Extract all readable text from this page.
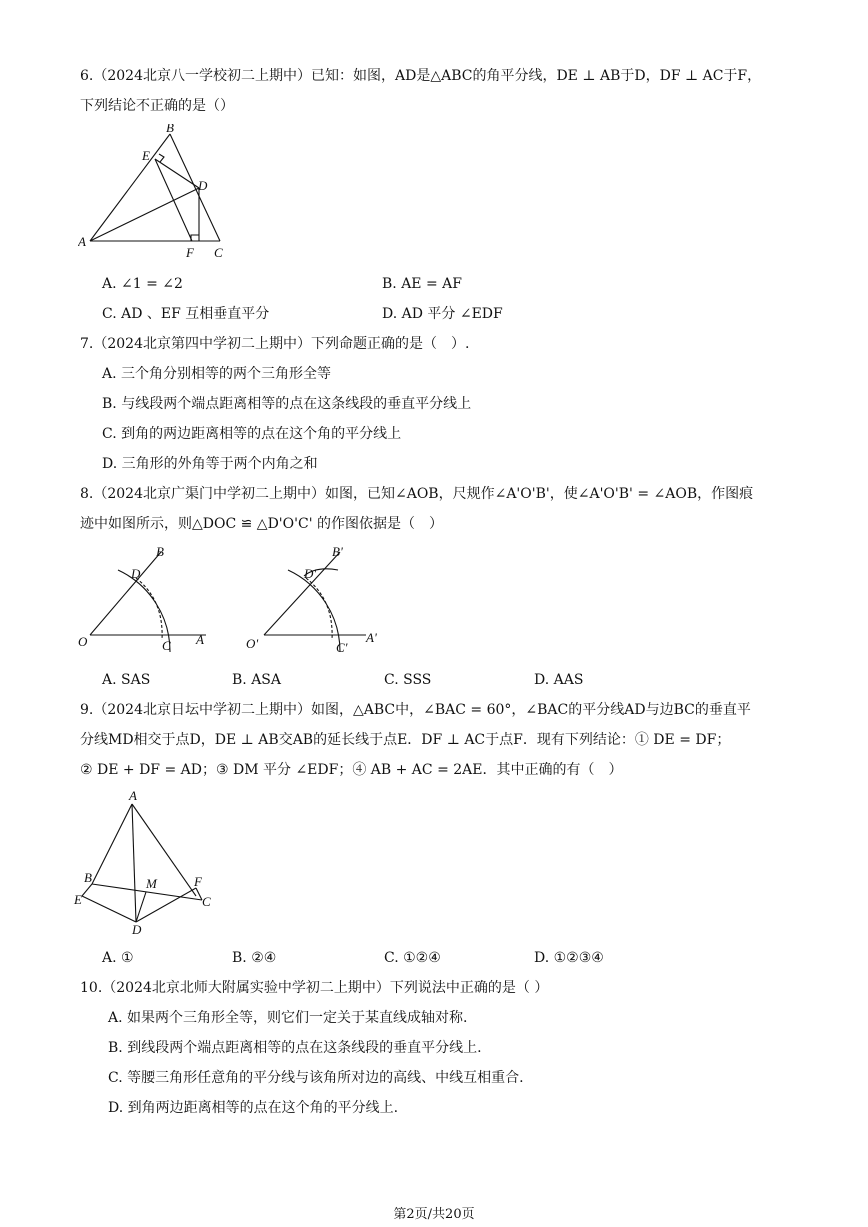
6.（2024北京八一学校初二上期中）已知：如图，AD是△ABC的角平分线，DE ⊥ AB于D，DF ⊥ AC于F，
下列结论不正确的是（）
B
E
D
A
F C
A. ∠1 = ∠2	B. AE = AF
C. AD 、EF 互相垂直平分	D. AD 平分 ∠EDF
7.（2024北京第四中学初二上期中）下列命题正确的是（　）.
A. 三个角分别相等的两个三角形全等
B. 与线段两个端点距离相等的点在这条线段的垂直平分线上
C. 到角的两边距离相等的点在这个角的平分线上
D. 三角形的外角等于两个内角之和
8.（2024北京广渠门中学初二上期中）如图，已知∠AOB，尺规作∠A'O'B'，使∠A'O'B' = ∠AOB，作图痕
迹中如图所示，则△DOC ≌ △D'O'C' 的作图依据是（　）
B
D
O	C A
B'
D'
O'	C'
A'
A. SAS	B. ASA	C. SSS	D. AAS
9.（2024北京日坛中学初二上期中）如图，△ABC中，∠BAC = 60°，∠BAC的平分线AD与边BC的垂直平
分线MD相交于点D，DE ⊥ AB交AB的延长线于点E．DF ⊥ AC于点F．现有下列结论：① DE = DF；
② DE + DF = AD；③ DM 平分 ∠EDF；④ AB + AC = 2AE．其中正确的有（　）
A
B	M	F
E	C
D
A. ①	B. ②④	C. ①②④	D. ①②③④
10.（2024北京北师大附属实验中学初二上期中）下列说法中正确的是（ ）
A. 如果两个三角形全等，则它们一定关于某直线成轴对称.
B. 到线段两个端点距离相等的点在这条线段的垂直平分线上.
C. 等腰三角形任意角的平分线与该角所对边的高线、中线互相重合.
D. 到角两边距离相等的点在这个角的平分线上.
第2页/共20页
